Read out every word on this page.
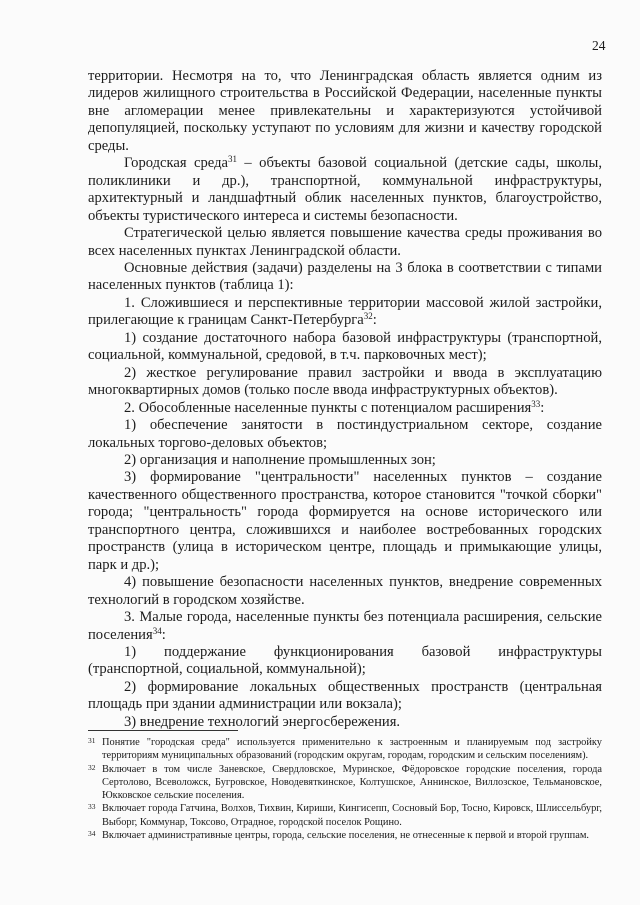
24

территории. Несмотря на то, что Ленинградская область является одним из лидеров жилищного строительства в Российской Федерации, населенные пункты вне агломерации менее привлекательны и характеризуются устойчивой депопуляцией, поскольку уступают по условиям для жизни и качеству городской среды.

Городская среда$^{31}$ – объекты базовой социальной (детские сады, школы, поликлиники и др.), транспортной, коммунальной инфраструктуры, архитектурный и ландшафтный облик населенных пунктов, благоустройство, объекты туристического интереса и системы безопасности.

Стратегической целью является повышение качества среды проживания во всех населенных пунктах Ленинградской области.

Основные действия (задачи) разделены на 3 блока в соответствии с типами населенных пунктов (таблица 1):

1. Сложившиеся и перспективные территории массовой жилой застройки, прилегающие к границам Санкт-Петербурга$^{32}$:

1) создание достаточного набора базовой инфраструктуры (транспортной, социальной, коммунальной, средовой, в т.ч. парковочных мест);

2) жесткое регулирование правил застройки и ввода в эксплуатацию многоквартирных домов (только после ввода инфраструктурных объектов).

2. Обособленные населенные пункты с потенциалом расширения$^{33}$:

1) обеспечение занятости в постиндустриальном секторе, создание локальных торгово-деловых объектов;

2) организация и наполнение промышленных зон;

3) формирование "центральности" населенных пунктов – создание качественного общественного пространства, которое становится "точкой сборки" города; "центральность" города формируется на основе исторического или транспортного центра, сложившихся и наиболее востребованных городских пространств (улица в историческом центре, площадь и примыкающие улицы, парк и др.);

4) повышение безопасности населенных пунктов, внедрение современных технологий в городском хозяйстве.

3. Малые города, населенные пункты без потенциала расширения, сельские поселения$^{34}$:

1) поддержание функционирования базовой инфраструктуры (транспортной, социальной, коммунальной);

2) формирование локальных общественных пространств (центральная площадь при здании администрации или вокзала);

3) внедрение технологий энергосбережения.

31 Понятие "городская среда" используется применительно к застроенным и планируемым под застройку территориям муниципальных образований (городским округам, городам, городским и сельским поселениям).

32 Включает в том числе Заневское, Свердловское, Муринское, Фёдоровское городские поселения, города Сертолово, Всеволожск, Бугровское, Новодевяткинское, Колтушское, Аннинское, Виллозское, Тельмановское, Юкковское сельские поселения.

33 Включает города Гатчина, Волхов, Тихвин, Кириши, Кингисепп, Сосновый Бор, Тосно, Кировск, Шлиссельбург, Выборг, Коммунар, Токсово, Отрадное, городской поселок Рощино.

34 Включает административные центры, города, сельские поселения, не отнесенные к первой и второй группам.
